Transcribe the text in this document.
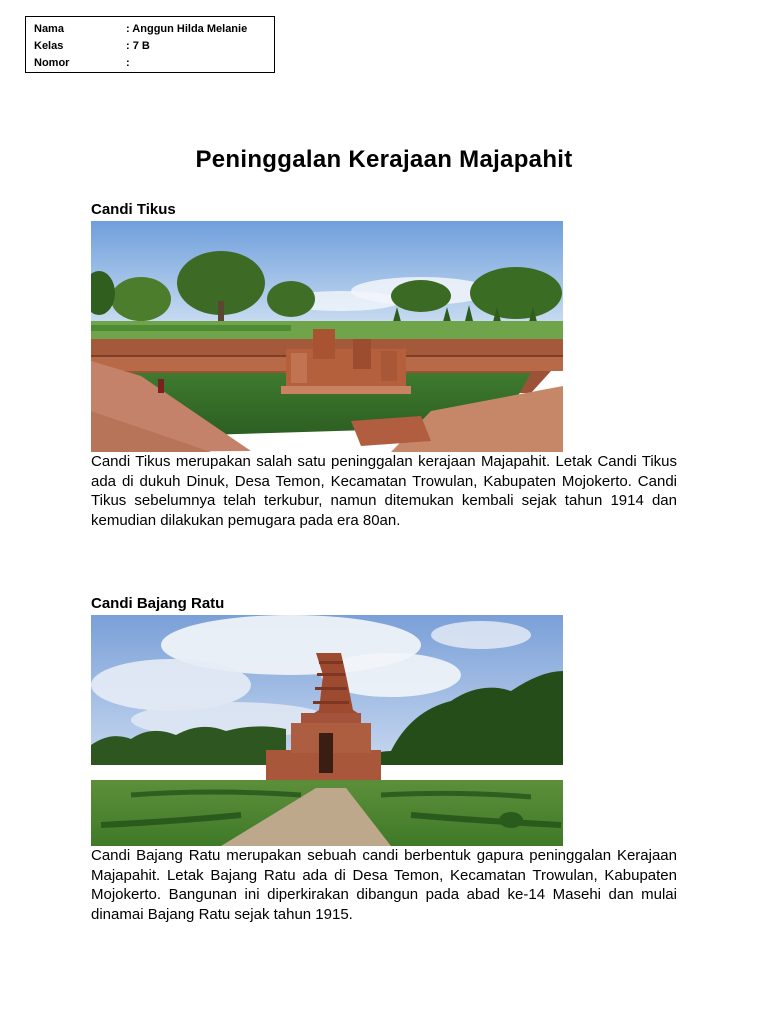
Nama	: Anggun Hilda Melanie
Kelas	: 7 B
Nomor	:
Peninggalan Kerajaan Majapahit
Candi Tikus
Candi Tikus merupakan salah satu peninggalan kerajaan Majapahit. Letak Candi Tikus ada di dukuh Dinuk, Desa Temon, Kecamatan Trowulan, Kabupaten Mojokerto. Candi Tikus sebelumnya telah terkubur, namun ditemukan kembali sejak tahun 1914 dan kemudian dilakukan pemugara pada era 80an.
Candi Bajang Ratu
Candi Bajang Ratu merupakan sebuah candi berbentuk gapura peninggalan Kerajaan Majapahit. Letak Bajang Ratu ada di Desa Temon, Kecamatan Trowulan, Kabupaten Mojokerto. Bangunan ini diperkirakan dibangun pada abad ke-14 Masehi dan mulai dinamai Bajang Ratu sejak tahun 1915.
